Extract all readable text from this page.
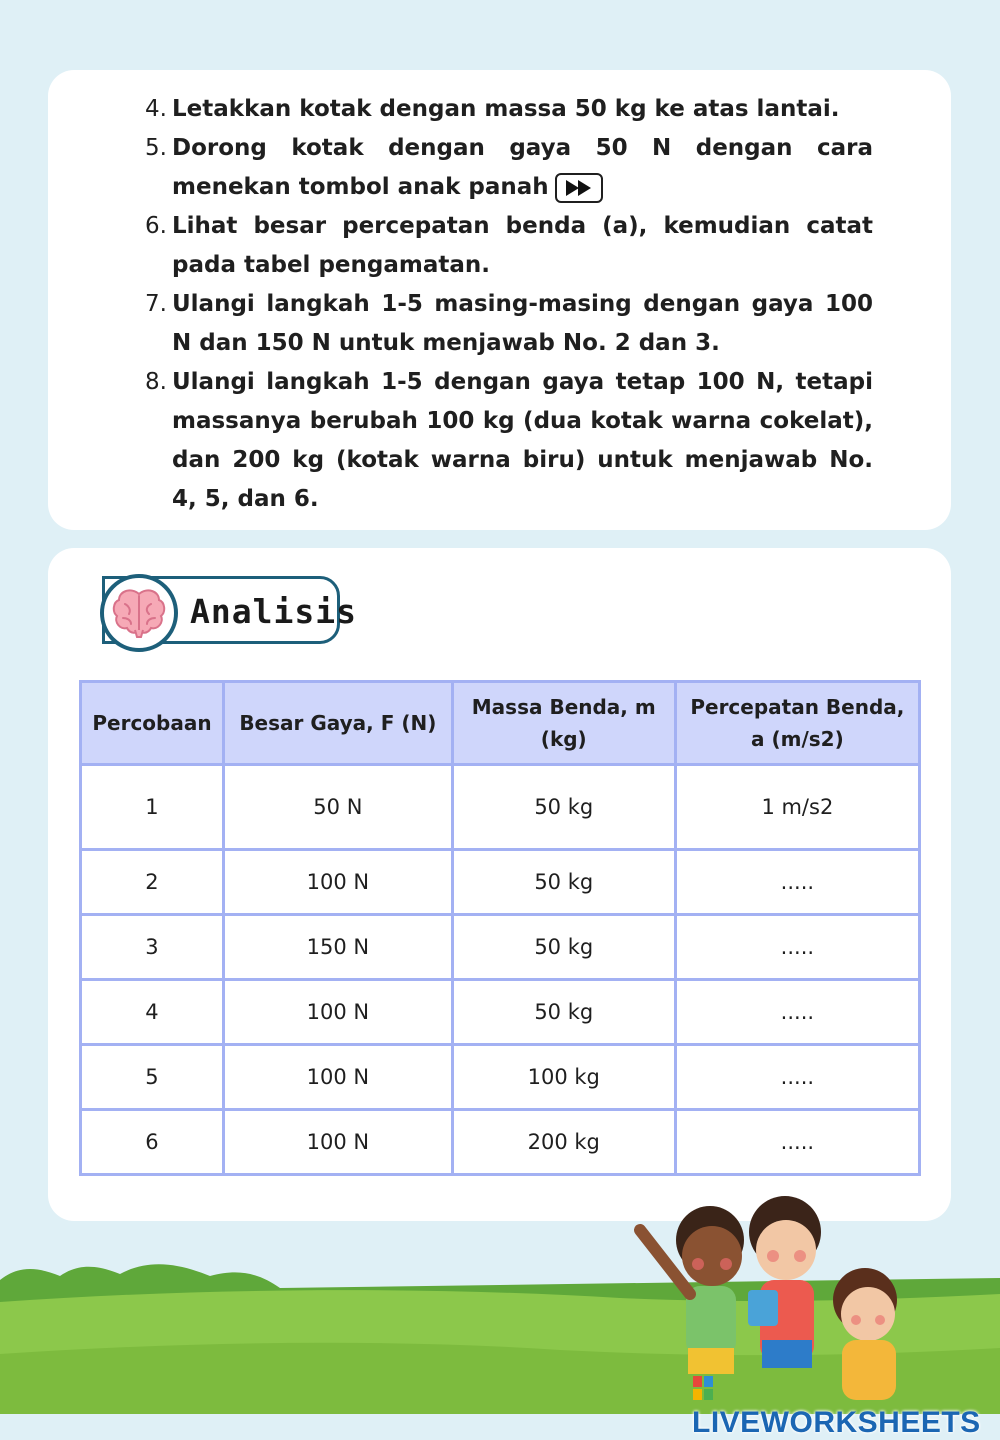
4. Letakkan kotak dengan massa 50 kg ke atas lantai.
5. Dorong kotak dengan gaya 50 N dengan cara menekan tombol anak panah
6. Lihat besar percepatan benda (a), kemudian catat pada tabel pengamatan.
7. Ulangi langkah 1-5 masing-masing dengan gaya 100 N dan 150 N untuk menjawab No. 2 dan 3.
8. Ulangi langkah 1-5 dengan gaya tetap 100 N, tetapi massanya berubah 100 kg (dua kotak warna cokelat), dan 200 kg (kotak warna biru) untuk menjawab No. 4, 5, dan 6.
Analisis
Percobaan	Besar Gaya, F (N)	Massa Benda, m (kg)	Percepatan Benda, a (m/s2)
1	50 N	50 kg	1 m/s2
2	100 N	50 kg	.....
3	150 N	50 kg	.....
4	100 N	50 kg	.....
5	100 N	100 kg	.....
6	100 N	200 kg	.....
LIVEWORKSHEETS
